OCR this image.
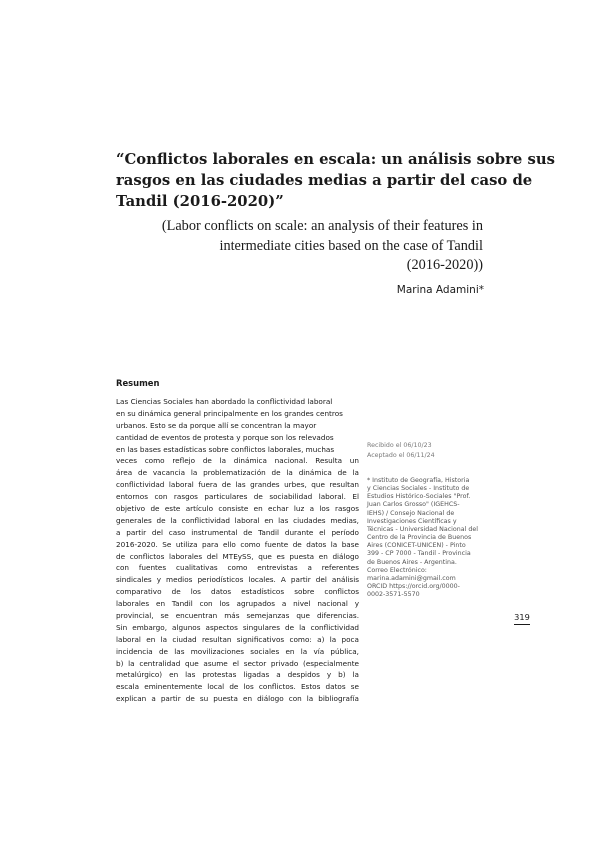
“Conflictos laborales en escala: un análisis sobre sus
rasgos en las ciudades medias a partir del caso de
Tandil (2016-2020)”
(Labor conflicts on scale: an analysis of their features in
intermediate cities based on the case of Tandil
(2016-2020))
Marina Adamini*
Resumen
Las Ciencias Sociales han abordado la conflictividad laboral
en su dinámica general principalmente en los grandes centros
urbanos. Esto se da porque allí se concentran la mayor
cantidad de eventos de protesta y porque son los relevados
en las bases estadísticas sobre conflictos laborales, muchas
veces como reflejo de la dinámica nacional. Resulta un
área de vacancia la problematización de la dinámica de la
conflictividad laboral fuera de las grandes urbes, que resultan
entornos con rasgos particulares de sociabilidad laboral. El
objetivo de este artículo consiste en echar luz a los rasgos
generales de la conflictividad laboral en las ciudades medias,
a partir del caso instrumental de Tandil durante el período
2016-2020. Se utiliza para ello como fuente de datos la base
de conflictos laborales del MTEySS, que es puesta en diálogo
con fuentes cualitativas como entrevistas a referentes
sindicales y medios periodísticos locales. A partir del análisis
comparativo de los datos estadísticos sobre conflictos
laborales en Tandil con los agrupados a nivel nacional y
provincial, se encuentran más semejanzas que diferencias.
Sin embargo, algunos aspectos singulares de la conflictividad
laboral en la ciudad resultan significativos como: a) la poca
incidencia de las movilizaciones sociales en la vía pública,
b) la centralidad que asume el sector privado (especialmente
metalúrgico) en las protestas ligadas a despidos y b) la
escala eminentemente local de los conflictos. Estos datos se
explican a partir de su puesta en diálogo con la bibliografía
Recibido el 06/10/23
Aceptado el 06/11/24
* Instituto de Geografía, Historia
y Ciencias Sociales - Instituto de
Estudios Histórico-Sociales "Prof.
Juan Carlos Grosso" (IGEHCS-
IEHS) / Consejo Nacional de
Investigaciones Científicas y
Técnicas - Universidad Nacional del
Centro de la Provincia de Buenos
Aires (CONICET-UNICEN) - Pinto
399 - CP 7000 - Tandil - Provincia
de Buenos Aires - Argentina.
Correo Electrónico:
marina.adamini@gmail.com
ORCID https://orcid.org/0000-
0002-3571-5570
319
